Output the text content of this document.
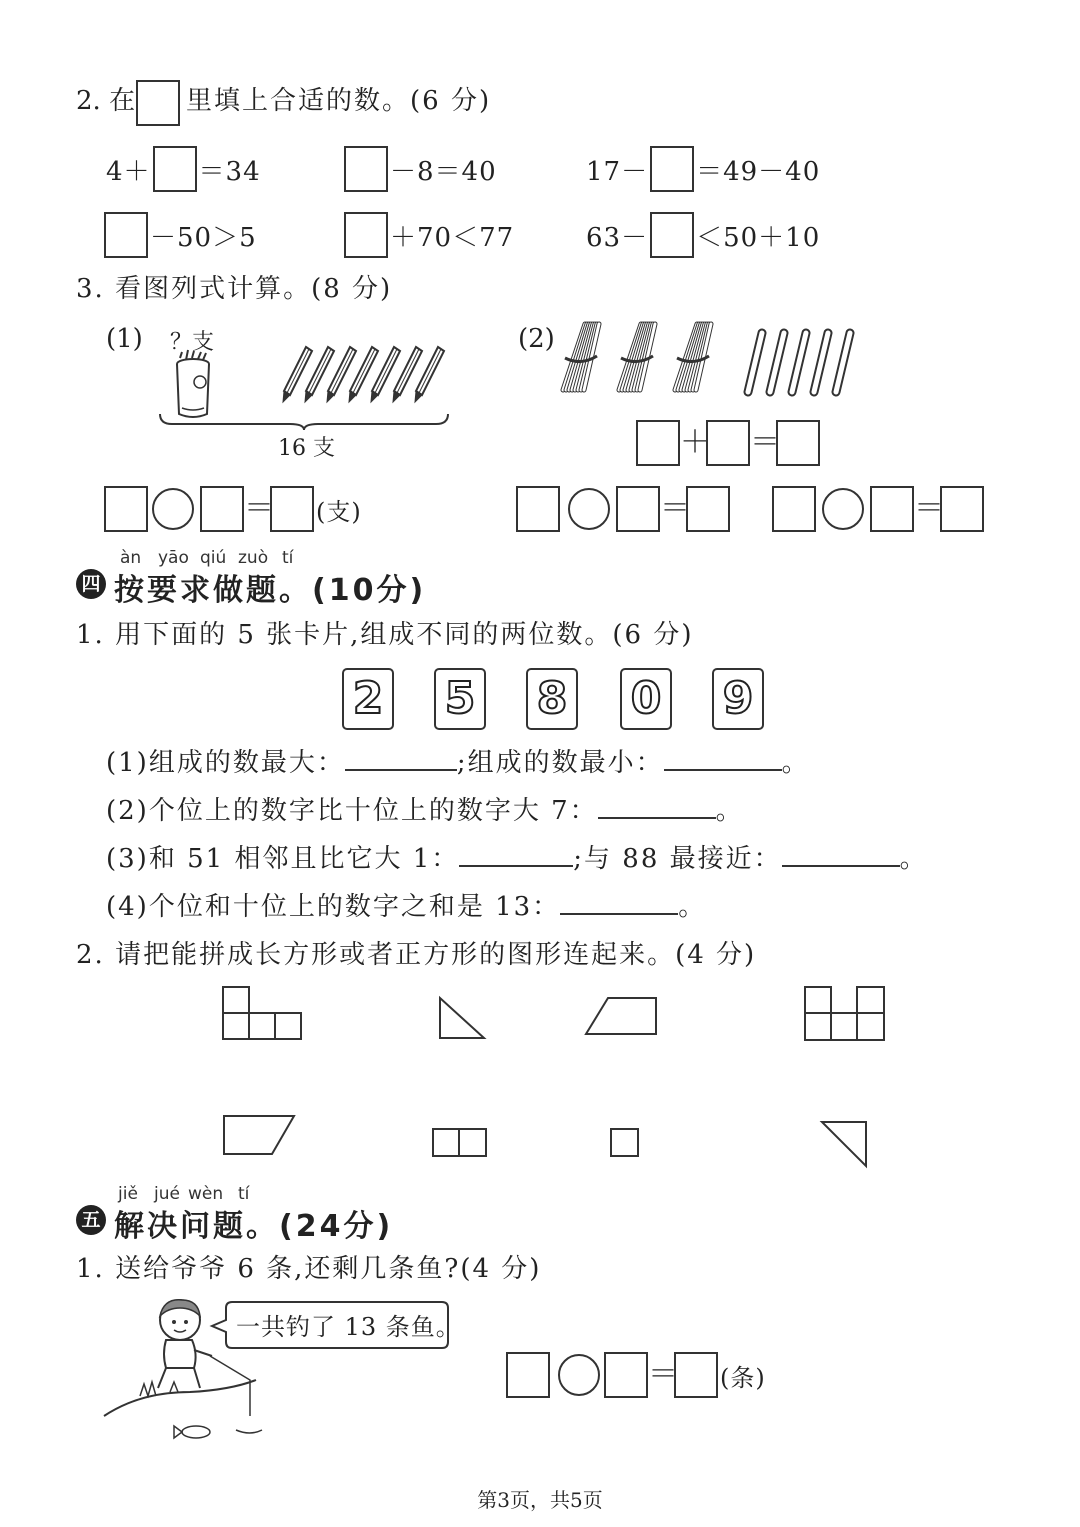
2. 在 里填上合适的数。(6 分)
4＋ ＝34	－8＝40	17－ ＝49－40
－50＞5	＋70＜77	63－ ＜50＋10
3. 看图列式计算。(8 分)
(1) ？支
16 支
＝ (支)
(2)
＋ ＝
＝	＝
àn yāo qiú zuò tí
四 按要求做题。(10分)
1. 用下面的 5 张卡片,组成不同的两位数。(6 分)
2 5 8 0 9
(1)组成的数最大：	;组成的数最小：	。
(2)个位上的数字比十位上的数字大 7：	。
(3)和 51 相邻且比它大 1：	;与 88 最接近：	。
(4)个位和十位上的数字之和是 13：	。
2. 请把能拼成长方形或者正方形的图形连起来。(4 分)
jiě jué wèn tí
五 解决问题。(24分)
1. 送给爷爷 6 条,还剩几条鱼?(4 分)
一共钓了 13 条鱼。
＝ (条)
第3页，共5页
